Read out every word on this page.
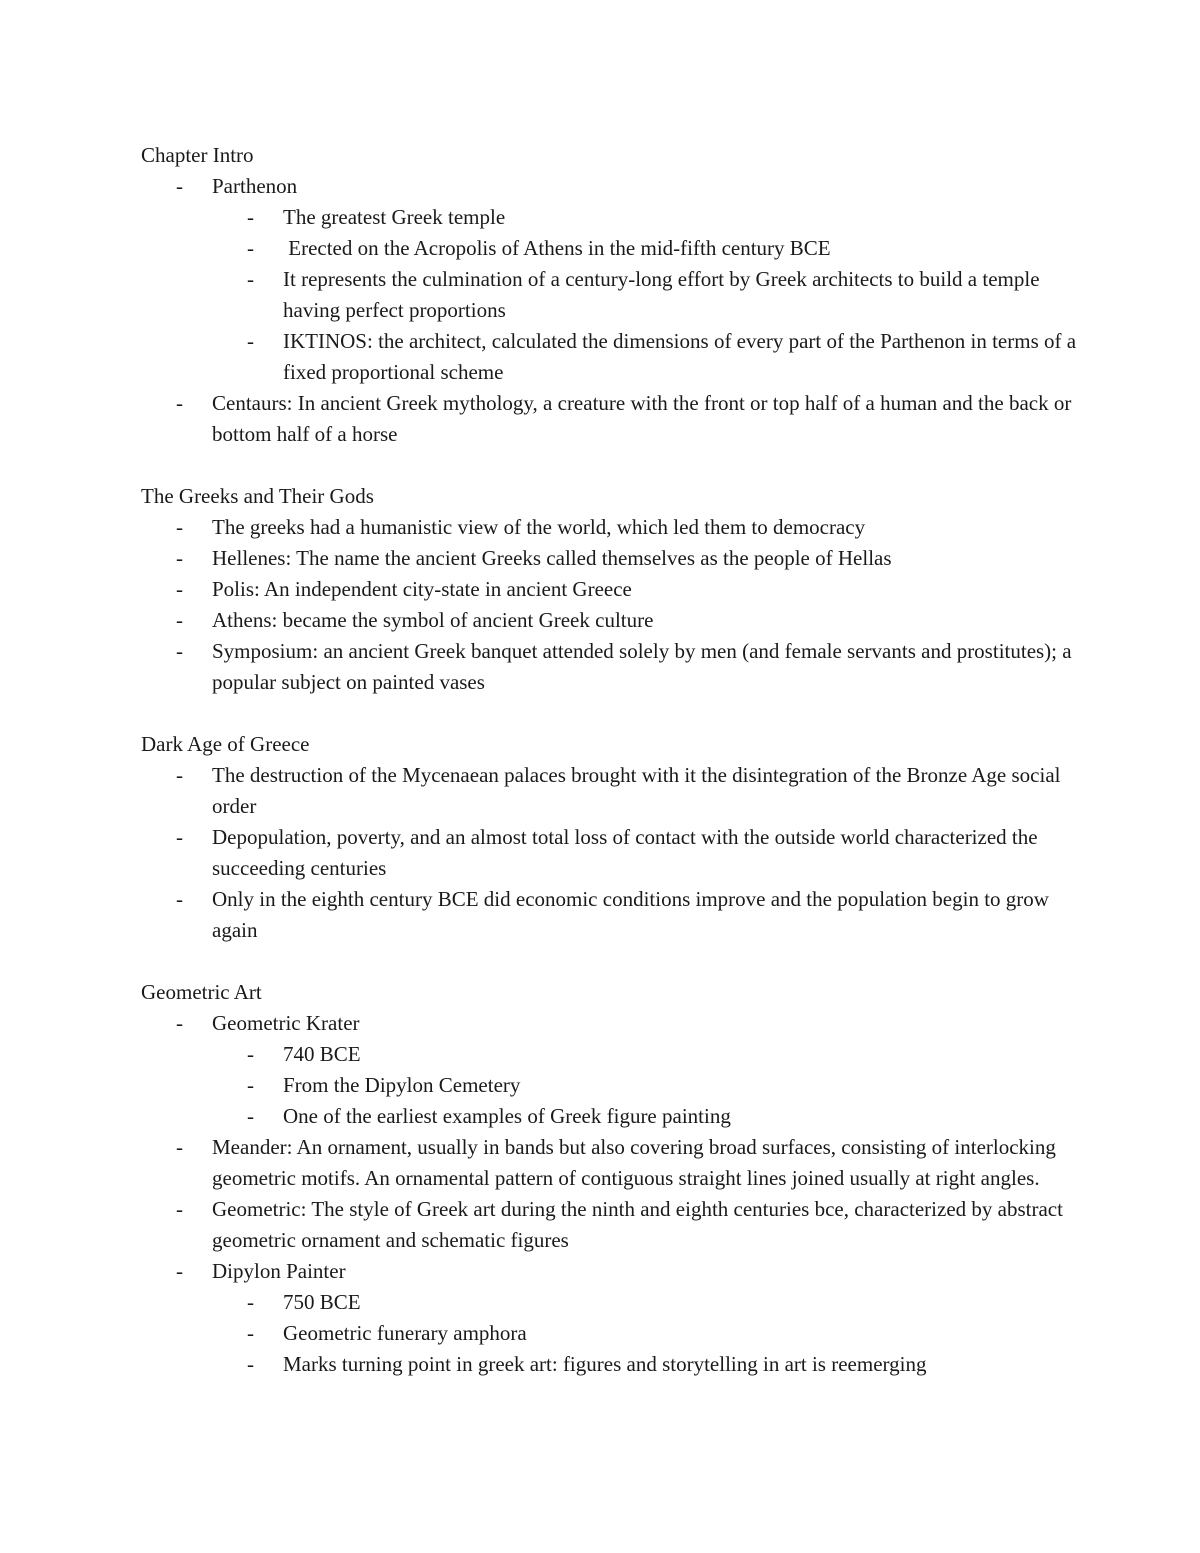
Chapter Intro
-	Parthenon
-	The greatest Greek temple
-	Erected on the Acropolis of Athens in the mid-fifth century BCE
-	It represents the culmination of a century-long effort by Greek architects to build a temple having perfect proportions
-	IKTINOS: the architect, calculated the dimensions of every part of the Parthenon in terms of a fixed proportional scheme
-	Centaurs: In ancient Greek mythology, a creature with the front or top half of a human and the back or bottom half of a horse
The Greeks and Their Gods
-	The greeks had a humanistic view of the world, which led them to democracy
-	Hellenes: The name the ancient Greeks called themselves as the people of Hellas
-	Polis: An independent city-state in ancient Greece
-	Athens: became the symbol of ancient Greek culture
-	Symposium: an ancient Greek banquet attended solely by men (and female servants and prostitutes); a popular subject on painted vases
Dark Age of Greece
-	The destruction of the Mycenaean palaces brought with it the disintegration of the Bronze Age social order
-	Depopulation, poverty, and an almost total loss of contact with the outside world characterized the succeeding centuries
-	Only in the eighth century BCE did economic conditions improve and the population begin to grow again
Geometric Art
-	Geometric Krater
-	740 BCE
-	From the Dipylon Cemetery
-	One of the earliest examples of Greek figure painting
-	Meander: An ornament, usually in bands but also covering broad surfaces, consisting of interlocking geometric motifs. An ornamental pattern of contiguous straight lines joined usually at right angles.
-	Geometric: The style of Greek art during the ninth and eighth centuries bce, characterized by abstract geometric ornament and schematic figures
-	Dipylon Painter
-	750 BCE
-	Geometric funerary amphora
-	Marks turning point in greek art: figures and storytelling in art is reemerging
